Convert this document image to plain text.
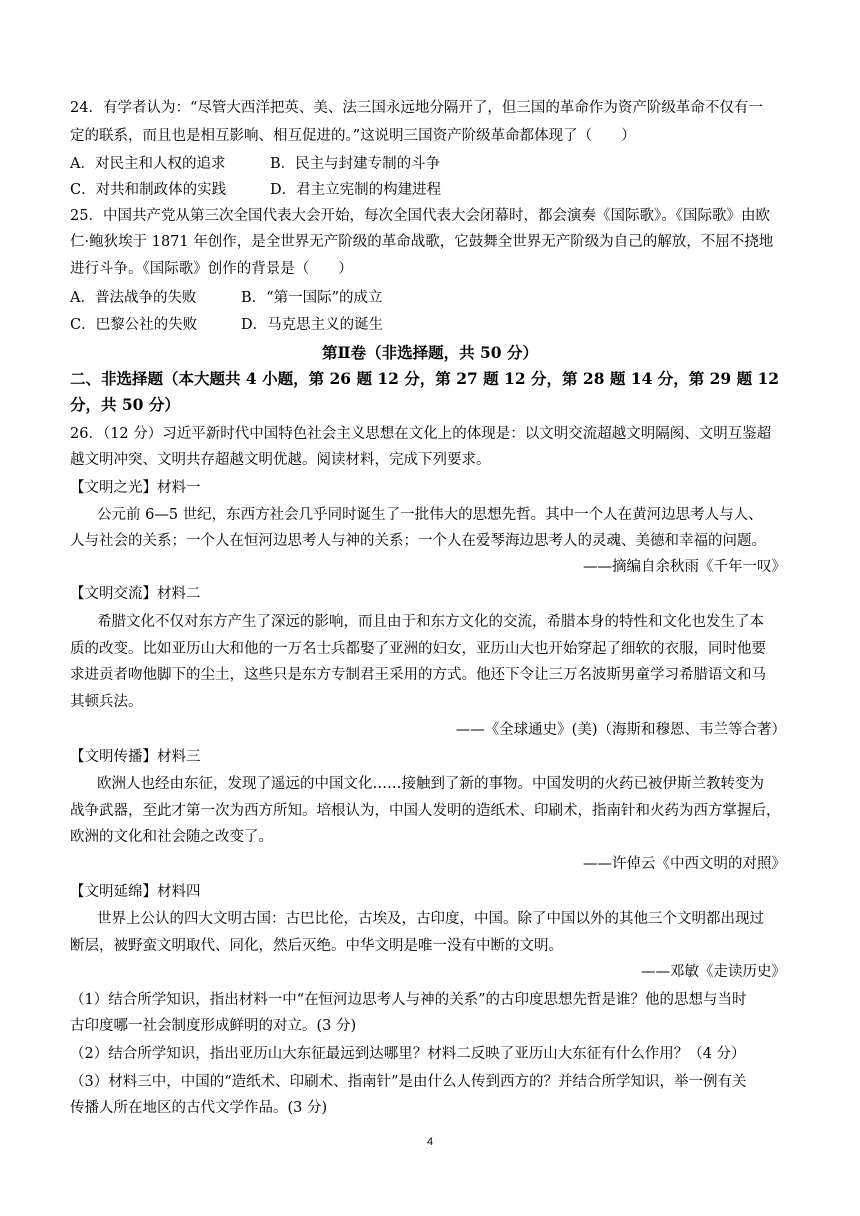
24．有学者认为：“尽管大西洋把英、美、法三国永远地分隔开了，但三国的革命作为资产阶级革命不仅有一
定的联系，而且也是相互影响、相互促进的。”这说明三国资产阶级革命都体现了（　　）
A．对民主和人权的追求	B．民主与封建专制的斗争
C．对共和制政体的实践	D．君主立宪制的构建进程
25．中国共产党从第三次全国代表大会开始，每次全国代表大会闭幕时，都会演奏《国际歌》。《国际歌》由欧
仁·鲍狄埃于 1871 年创作，是全世界无产阶级的革命战歌，它鼓舞全世界无产阶级为自己的解放，不屈不挠地
进行斗争。《国际歌》创作的背景是（　　）
A．普法战争的失败	B．“第一国际”的成立
C．巴黎公社的失败	D．马克思主义的诞生
第Ⅱ卷（非选择题，共 50 分）
二、非选择题（本大题共 4 小题，第 26 题 12 分，第 27 题 12 分，第 28 题 14 分，第 29 题 12
分，共 50 分）
26．（12 分）习近平新时代中国特色社会主义思想在文化上的体现是：以文明交流超越文明隔阂、文明互鉴超
越文明冲突、文明共存超越文明优越。阅读材料，完成下列要求。
【文明之光】材料一
公元前 6—5 世纪，东西方社会几乎同时诞生了一批伟大的思想先哲。其中一个人在黄河边思考人与人、
人与社会的关系；一个人在恒河边思考人与神的关系；一个人在爱琴海边思考人的灵魂、美德和幸福的问题。
——摘编自余秋雨《千年一叹》
【文明交流】材料二
希腊文化不仅对东方产生了深远的影响，而且由于和东方文化的交流，希腊本身的特性和文化也发生了本
质的改变。比如亚历山大和他的一万名士兵都娶了亚洲的妇女，亚历山大也开始穿起了细软的衣服，同时他要
求进贡者吻他脚下的尘土，这些只是东方专制君王采用的方式。他还下令让三万名波斯男童学习希腊语文和马
其顿兵法。
——《全球通史》(美)（海斯和穆恩、韦兰等合著）
【文明传播】材料三
欧洲人也经由东征，发现了遥远的中国文化……接触到了新的事物。中国发明的火药已被伊斯兰教转变为
战争武器，至此才第一次为西方所知。培根认为，中国人发明的造纸术、印刷术，指南针和火药为西方掌握后，
欧洲的文化和社会随之改变了。
——许倬云《中西文明的对照》
【文明延绵】材料四
世界上公认的四大文明古国：古巴比伦，古埃及，古印度，中国。除了中国以外的其他三个文明都出现过
断层，被野蛮文明取代、同化，然后灭绝。中华文明是唯一没有中断的文明。
——邓敏《走读历史》
（1）结合所学知识，指出材料一中“在恒河边思考人与神的关系”的古印度思想先哲是谁？他的思想与当时
古印度哪一社会制度形成鲜明的对立。(3 分)
（2）结合所学知识，指出亚历山大东征最远到达哪里？材料二反映了亚历山大东征有什么作用？（4 分）
（3）材料三中，中国的“造纸术、印刷术、指南针”是由什么人传到西方的？并结合所学知识，举一例有关
传播人所在地区的古代文学作品。(3 分)
4
